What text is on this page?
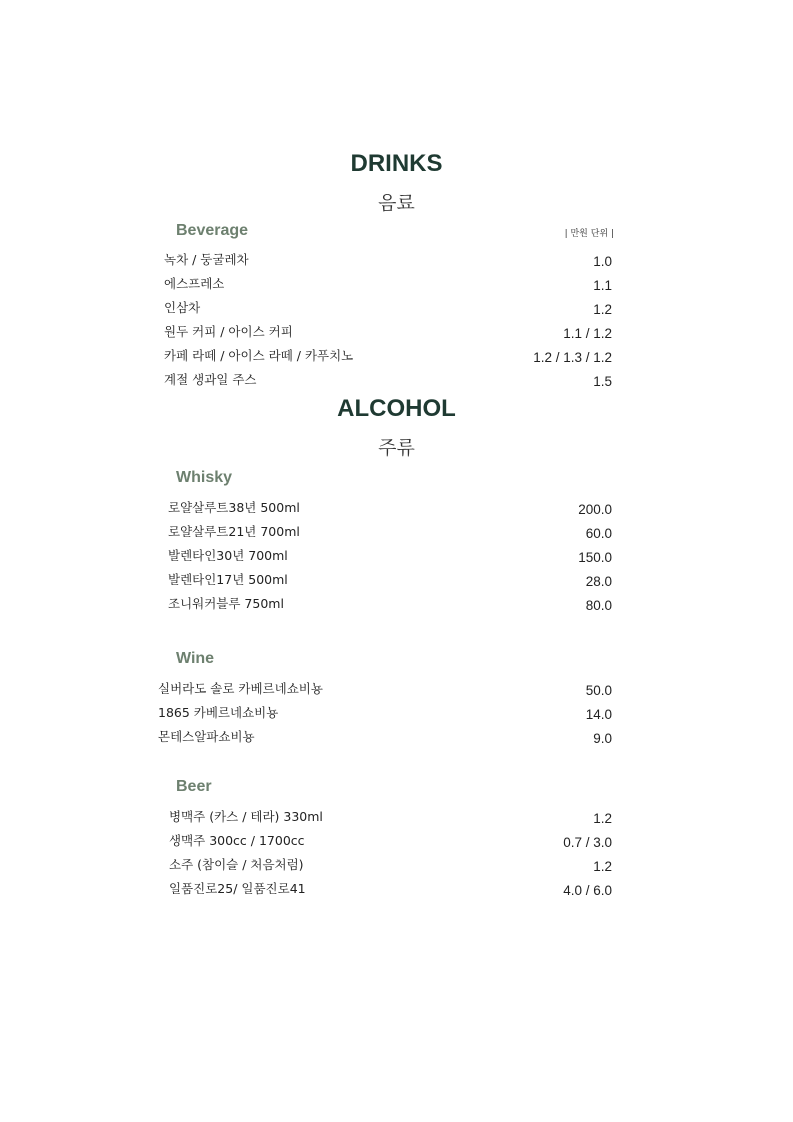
DRINKS
음료
Beverage	| 만원 단위 |
녹차 / 둥굴레차	1.0
에스프레소	1.1
인삼차	1.2
원두 커피 / 아이스 커피	1.1 / 1.2
카페 라떼 / 아이스 라떼 / 카푸치노	1.2 / 1.3 / 1.2
계절 생과일 주스	1.5
ALCOHOL
주류
Whisky
로얄살루트38년 500ml	200.0
로얄살루트21년 700ml	60.0
발렌타인30년 700ml	150.0
발렌타인17년 500ml	28.0
조니워커블루 750ml	80.0
Wine
실버라도 솔로 카베르네쇼비뇽	50.0
1865 카베르네쇼비뇽	14.0
몬테스알파쇼비뇽	9.0
Beer
병맥주 (카스 / 테라) 330ml	1.2
생맥주 300cc / 1700cc	0.7 / 3.0
소주 (참이슬 / 처음처럼)	1.2
일품진로25/ 일품진로41	4.0 / 6.0
